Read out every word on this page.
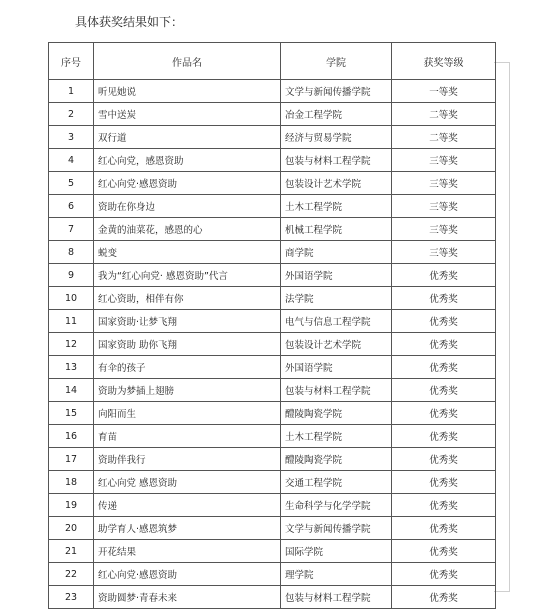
具体获奖结果如下：

序号	作品名	学院	获奖等级
1	听见她说	文学与新闻传播学院	一等奖
2	雪中送炭	冶金工程学院	二等奖
3	双行道	经济与贸易学院	二等奖
4	红心向党，感恩资助	包装与材料工程学院	三等奖
5	红心向党·感恩资助	包装设计艺术学院	三等奖
6	资助在你身边	土木工程学院	三等奖
7	金黄的油菜花，感恩的心	机械工程学院	三等奖
8	蜕变	商学院	三等奖
9	我为“红心向党· 感恩资助”代言	外国语学院	优秀奖
10	红心资助，相伴有你	法学院	优秀奖
11	国家资助·让梦飞翔	电气与信息工程学院	优秀奖
12	国家资助 助你飞翔	包装设计艺术学院	优秀奖
13	有伞的孩子	外国语学院	优秀奖
14	资助为梦插上翅膀	包装与材料工程学院	优秀奖
15	向阳而生	醴陵陶瓷学院	优秀奖
16	育苗	土木工程学院	优秀奖
17	资助伴我行	醴陵陶瓷学院	优秀奖
18	红心向党 感恩资助	交通工程学院	优秀奖
19	传递	生命科学与化学学院	优秀奖
20	助学育人·感恩筑梦	文学与新闻传播学院	优秀奖
21	开花结果	国际学院	优秀奖
22	红心向党·感恩资助	理学院	优秀奖
23	资助圆梦·青春未来	包装与材料工程学院	优秀奖
